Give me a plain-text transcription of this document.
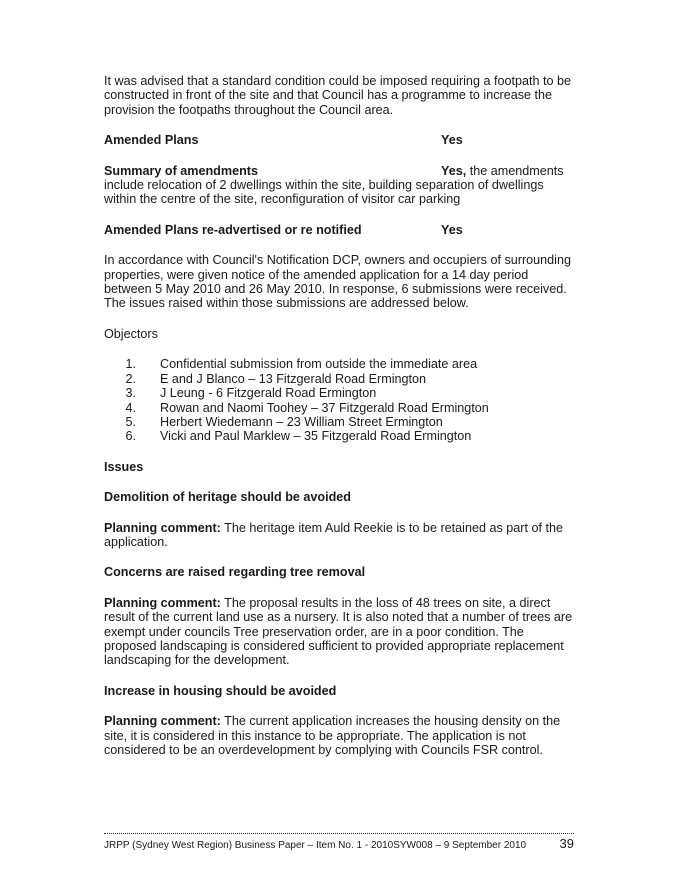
It was advised that a standard condition could be imposed requiring a footpath to be constructed in front of the site and that Council has a programme to increase the provision the footpaths throughout the Council area.

Amended Plans	Yes
Summary of amendments	Yes, the amendments

include relocation of 2 dwellings within the site, building separation of dwellings within the centre of the site, reconfiguration of visitor car parking

Amended Plans re-advertised or re notified	Yes

In accordance with Council's Notification DCP, owners and occupiers of surrounding properties, were given notice of the amended application for a 14 day period between 5 May 2010 and 26 May 2010. In response, 6 submissions were received. The issues raised within those submissions are addressed below.

Objectors

1. Confidential submission from outside the immediate area
2. E and J Blanco – 13 Fitzgerald Road Ermington
3. J Leung - 6 Fitzgerald Road Ermington
4. Rowan and Naomi Toohey – 37 Fitzgerald Road Ermington
5. Herbert Wiedemann – 23 William Street Ermington
6. Vicki and Paul Marklew – 35 Fitzgerald Road Ermington

Issues

Demolition of heritage should be avoided

Planning comment: The heritage item Auld Reekie is to be retained as part of the application.

Concerns are raised regarding tree removal

Planning comment: The proposal results in the loss of 48 trees on site, a direct result of the current land use as a nursery. It is also noted that a number of trees are exempt under councils Tree preservation order, are in a poor condition. The proposed landscaping is considered sufficient to provided appropriate replacement landscaping for the development.

Increase in housing should be avoided

Planning comment: The current application increases the housing density on the site, it is considered in this instance to be appropriate. The application is not considered to be an overdevelopment by complying with Councils FSR control.

JRPP (Sydney West Region) Business Paper – Item No. 1 - 2010SYW008 – 9 September 2010	39
